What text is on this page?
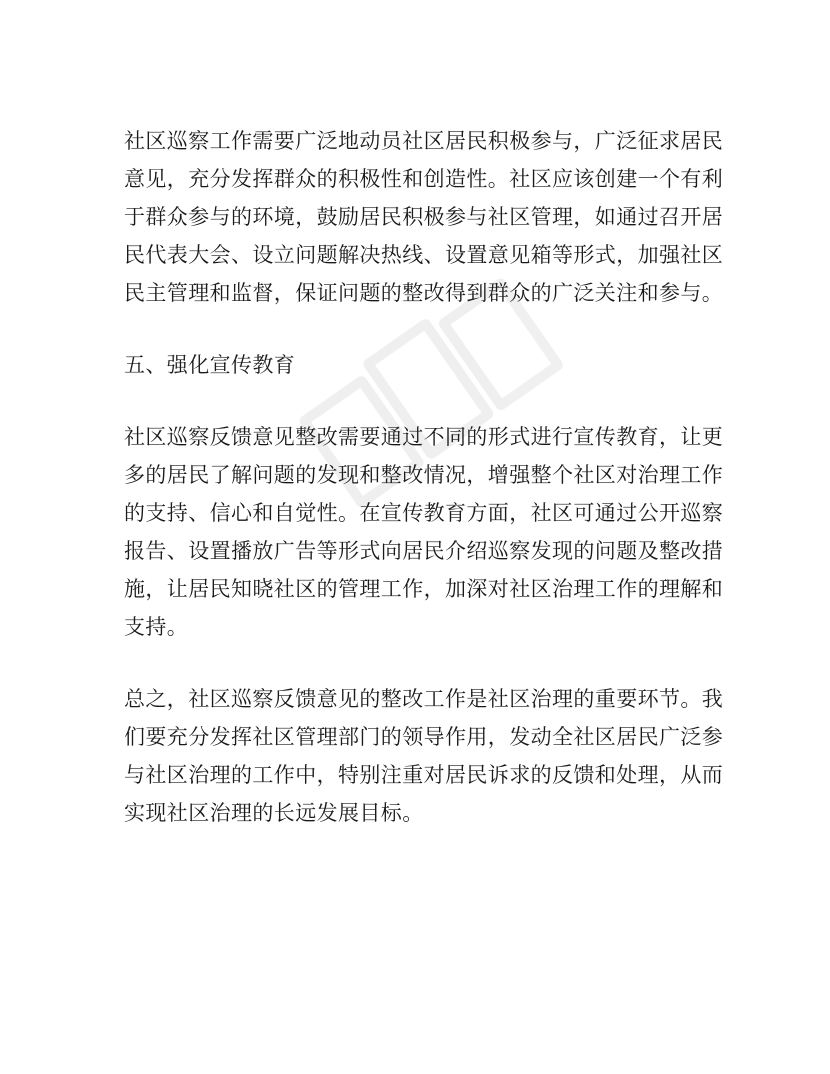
社区巡察工作需要广泛地动员社区居民积极参与，广泛征求居民意见，充分发挥群众的积极性和创造性。社区应该创建一个有利于群众参与的环境，鼓励居民积极参与社区管理，如通过召开居民代表大会、设立问题解决热线、设置意见箱等形式，加强社区民主管理和监督，保证问题的整改得到群众的广泛关注和参与。

五、强化宣传教育

社区巡察反馈意见整改需要通过不同的形式进行宣传教育，让更多的居民了解问题的发现和整改情况，增强整个社区对治理工作的支持、信心和自觉性。在宣传教育方面，社区可通过公开巡察报告、设置播放广告等形式向居民介绍巡察发现的问题及整改措施，让居民知晓社区的管理工作，加深对社区治理工作的理解和支持。

总之，社区巡察反馈意见的整改工作是社区治理的重要环节。我们要充分发挥社区管理部门的领导作用，发动全社区居民广泛参与社区治理的工作中，特别注重对居民诉求的反馈和处理，从而实现社区治理的长远发展目标。
